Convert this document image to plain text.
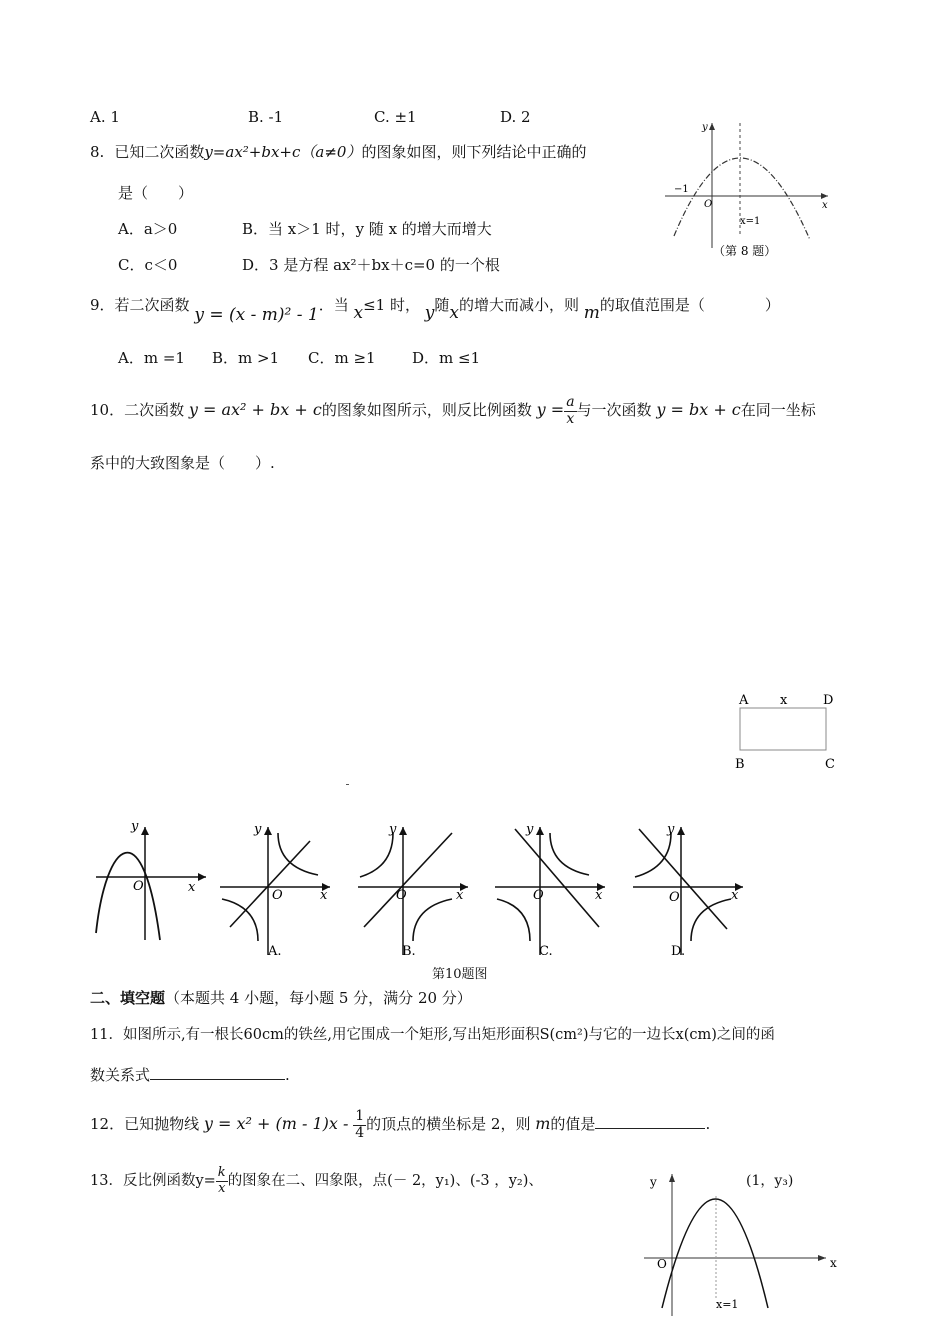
A. 1	B. -1	C. ±1	D. 2
8. 已知二次函数y=ax²+bx+c（a≠0）的图象如图，则下列结论中正确的
是（　　）
A．a＞0	B．当 x＞1 时，y 随 x 的增大而增大
C．c＜0	D．3 是方程 ax²＋bx＋c=0 的一个根
y
x
O
−1
x=1
（第 8 题）
9．若二次函数 y = (x - m)² - 1．当 x≤1 时， y随x的增大而减小，则 m的取值范围是（　　　　）
A．m =1 B．m >1 C．m ≥1 D．m ≤1
10．二次函数 y = ax² + bx + c的图象如图所示，则反比例函数 $y = \frac{a}{x}$ 与一次函数 y = bx + c在同一坐标
系中的大致图象是（　　）.
A x	D
B	C
y
x
O
y
x
O
A.
y
x
O
B.
y
x
O
C.
y
x
O
D.
第10题图
二、填空题（本题共 4 小题，每小题 5 分，满分 20 分）
11．如图所示,有一根长60cm的铁丝,用它围成一个矩形,写出矩形面积S(cm²)与它的一边长x(cm)之间的函
数关系式	.
12．已知抛物线 $y = x^2 + (m - 1)x - \frac{1}{4}$ 的顶点的横坐标是 2，则 m的值是	.
13．反比例函数$y= \frac{k}{x}$ 的图象在二、四象限，点(－ 2，y₁)、(-3 ，y₂)、	(1，y₃)
y
x
O
x=1
